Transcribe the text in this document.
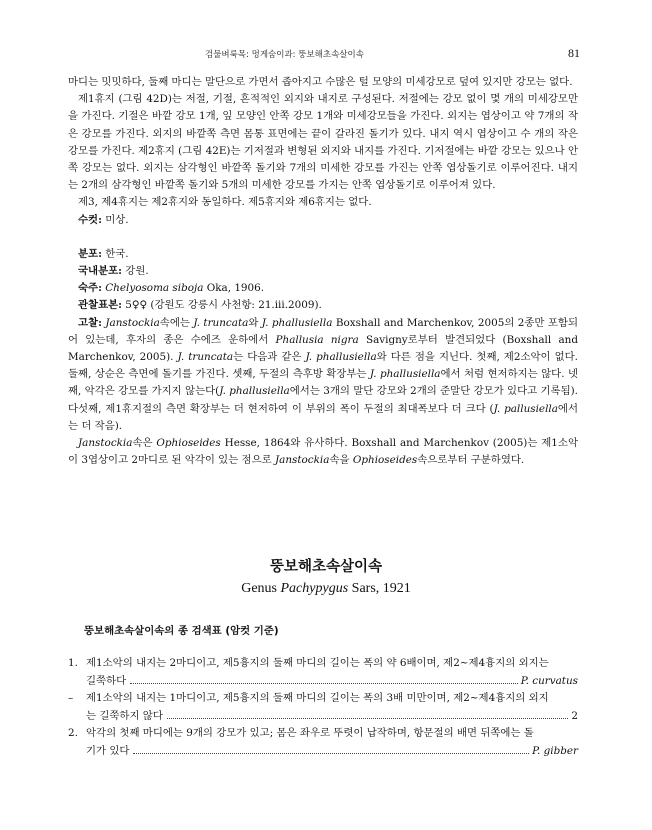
검물벼룩목: 멍게숨이과: 뚱보해초속살이속	81

마디는 밋밋하다, 둘째 마디는 말단으로 가면서 좁아지고 수많은 털 모양의 미세강모로 덮여 있지만 강모는 없다.

제1휴지 (그림 42D)는 저절, 기절, 흔적적인 외지와 내지로 구성된다. 저절에는 강모 없이 몇 개의 미세강모만을 가진다. 기절은 바깥 강모 1개, 잎 모양인 안쪽 강모 1개와 미세강모들을 가진다. 외지는 엽상이고 약 7개의 작은 강모를 가진다. 외지의 바깥쪽 측면 몸통 표면에는 끝이 갈라진 돌기가 있다. 내지 역시 엽상이고 수 개의 작은 강모를 가진다. 제2휴지 (그림 42E)는 기저절과 변형된 외지와 내지를 가진다. 기저절에는 바깥 강모는 있으나 안쪽 강모는 없다. 외지는 삼각형인 바깥쪽 돌기와 7개의 미세한 강모를 가진는 안쪽 엽상돌기로 이루어진다. 내지는 2개의 삼각형인 바깥쪽 돌기와 5개의 미세한 강모를 가지는 안쪽 엽상돌기로 이루어져 있다.

제3, 제4휴지는 제2휴지와 동일하다. 제5휴지와 제6휴지는 없다.

수컷: 미상.

분포: 한국.

국내분포: 강원.

숙주: Chelyosoma siboja Oka, 1906.

관찰표본: 5♀♀ (강원도 강릉시 사천항: 21.iii.2009).

고찰: Janstockia속에는 J. truncata와 J. phallusiella Boxshall and Marchenkov, 2005의 2종만 포함되어 있는데, 후자의 종은 수에즈 운하에서 Phallusia nigra Savigny로부터 발견되었다 (Boxshall and Marchenkov, 2005). J. truncata는 다음과 같은 J. phallusiella와 다른 점을 지닌다. 첫째, 제2소악이 없다. 둘째, 상순은 측면에 돌기를 가진다. 셋째, 두절의 측후방 확장부는 J. phallusiella에서 처럼 현저하지는 않다. 넷째, 악각은 강모를 가지지 않는다(J. phallusiella에서는 3개의 말단 강모와 2개의 준말단 강모가 있다고 기록됨). 다섯째, 제1휴지절의 측면 확장부는 더 현저하여 이 부위의 폭이 두절의 최대폭보다 더 크다 (J. pallusiella에서는 더 작음).

Janstockia속은 Ophioseides Hesse, 1864와 유사하다. Boxshall and Marchenkov (2005)는 제1소악이 3엽상이고 2마디로 된 악각이 있는 점으로 Janstockia속을 Ophioseides속으로부터 구분하였다.

뚱보해초속살이속
Genus Pachypygus Sars, 1921
뚱보해초속살이속의 종 검색표 (암컷 기준)
1. 제1소악의 내지는 2마디이고, 제5흉지의 둘째 마디의 길이는 폭의 약 6배이며, 제2~제4흉지의 외지는
길쭉하다	P. curvatus
– 제1소악의 내지는 1마디이고, 제5흉지의 둘째 마디의 길이는 폭의 3배 미만이며, 제2~제4흉지의 외지
는 길쭉하지 않다	2
2. 악각의 첫째 마디에는 9개의 강모가 있고; 몸은 좌우로 뚜렷이 납작하며, 항문절의 배면 뒤쪽에는 돌
기가 있다	P. gibber
